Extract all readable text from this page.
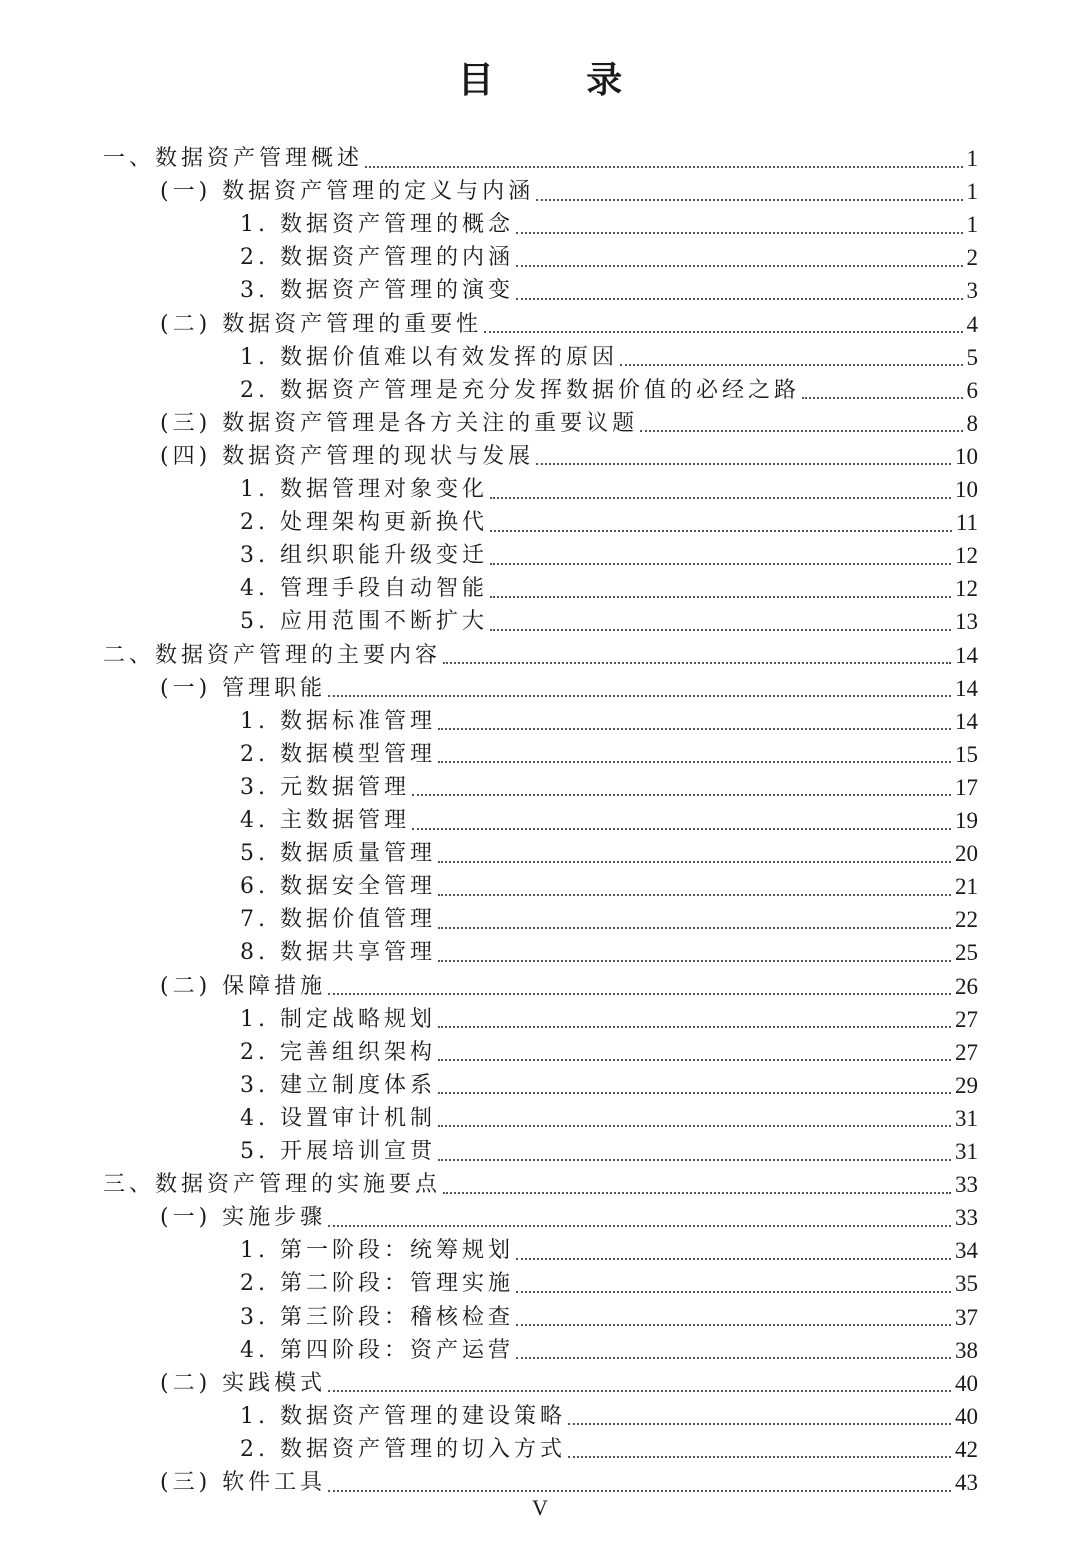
目 录
一、数据资产管理概述	1
(一) 数据资产管理的定义与内涵	1
1. 数据资产管理的概念	1
2. 数据资产管理的内涵	2
3. 数据资产管理的演变	3
(二) 数据资产管理的重要性	4
1. 数据价值难以有效发挥的原因	5
2. 数据资产管理是充分发挥数据价值的必经之路	6
(三) 数据资产管理是各方关注的重要议题	8
(四) 数据资产管理的现状与发展	10
1. 数据管理对象变化	10
2. 处理架构更新换代	11
3. 组织职能升级变迁	12
4. 管理手段自动智能	12
5. 应用范围不断扩大	13
二、数据资产管理的主要内容	14
(一) 管理职能	14
1. 数据标准管理	14
2. 数据模型管理	15
3. 元数据管理	17
4. 主数据管理	19
5. 数据质量管理	20
6. 数据安全管理	21
7. 数据价值管理	22
8. 数据共享管理	25
(二) 保障措施	26
1. 制定战略规划	27
2. 完善组织架构	27
3. 建立制度体系	29
4. 设置审计机制	31
5. 开展培训宣贯	31
三、数据资产管理的实施要点	33
(一) 实施步骤	33
1. 第一阶段：统筹规划	34
2. 第二阶段：管理实施	35
3. 第三阶段：稽核检查	37
4. 第四阶段：资产运营	38
(二) 实践模式	40
1. 数据资产管理的建设策略	40
2. 数据资产管理的切入方式	42
(三) 软件工具	43
V
